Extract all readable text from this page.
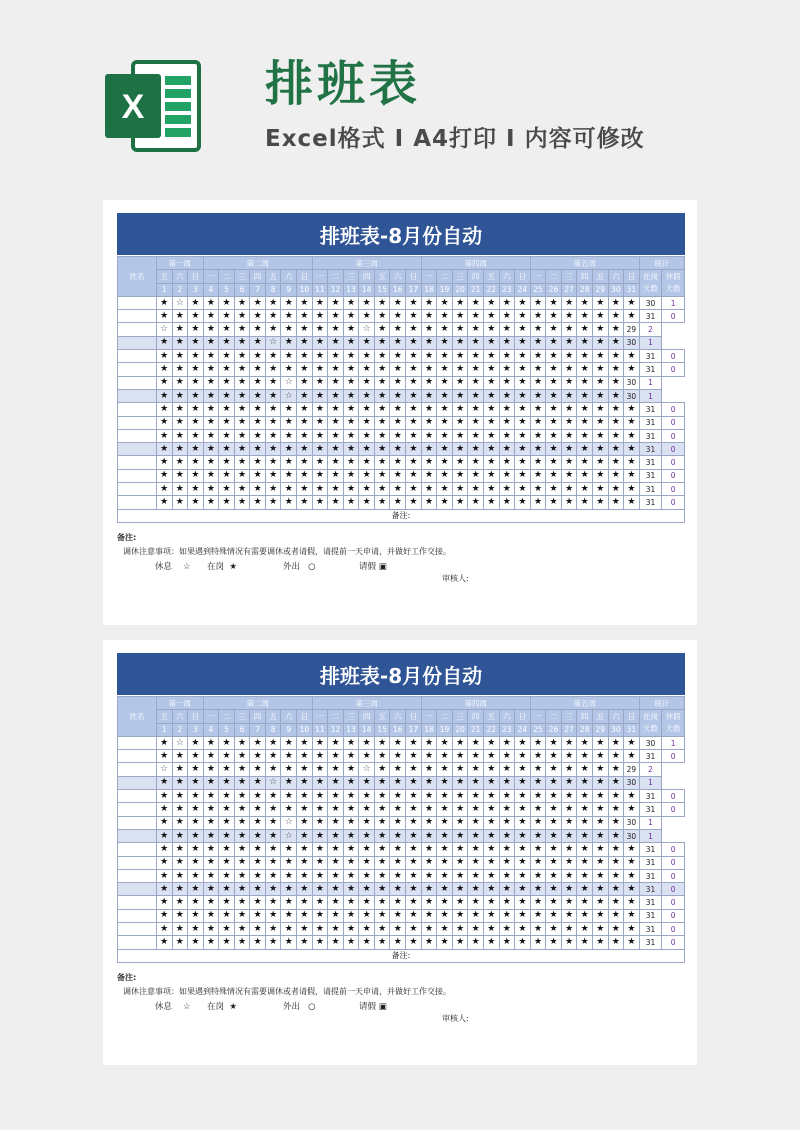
X	排班表
Excel格式 I A4打印 I 内容可修改
排班表-8月份自动
姓名	第一周			第二周							第三周							第四周							第五周							统计	
	五	六	日	一	二	三	四	五	六	日	一	二	三	四	五	六	日	一	二	三	四	五	六	日	一	二	三	四	五	六	日	在岗天数	休假天数
	1	2	3	4	5	6	7	8	9	10	11	12	13	14	15	16	17	18	19	20	21	22	23	24	25	26	27	28	29	30	31		
	★	☆	★	★	★	★	★	★	★	★	★	★	★	★	★	★	★	★	★	★	★	★	★	★	★	★	★	★	★	★	★	30	1
	★	★	★	★	★	★	★	★	★	★	★	★	★	★	★	★	★	★	★	★	★	★	★	★	★	★	★	★	★	★	★	31	0
	☆	★	★	★	★	★	★	★	★	★	★	★	★	☆	★	★	★	★	★	★	★	★	★	★	★	★	★	★	★	★	29	2	
	★	★	★	★	★	★	★	☆	★	★	★	★	★	★	★	★	★	★	★	★	★	★	★	★	★	★	★	★	★	★	30	1	
	★	★	★	★	★	★	★	★	★	★	★	★	★	★	★	★	★	★	★	★	★	★	★	★	★	★	★	★	★	★	★	31	0
	★	★	★	★	★	★	★	★	★	★	★	★	★	★	★	★	★	★	★	★	★	★	★	★	★	★	★	★	★	★	★	31	0
	★	★	★	★	★	★	★	★	☆	★	★	★	★	★	★	★	★	★	★	★	★	★	★	★	★	★	★	★	★	★	30	1	
	★	★	★	★	★	★	★	★	☆	★	★	★	★	★	★	★	★	★	★	★	★	★	★	★	★	★	★	★	★	★	30	1	
	★	★	★	★	★	★	★	★	★	★	★	★	★	★	★	★	★	★	★	★	★	★	★	★	★	★	★	★	★	★	★	31	0
	★	★	★	★	★	★	★	★	★	★	★	★	★	★	★	★	★	★	★	★	★	★	★	★	★	★	★	★	★	★	★	31	0
	★	★	★	★	★	★	★	★	★	★	★	★	★	★	★	★	★	★	★	★	★	★	★	★	★	★	★	★	★	★	★	31	0
	★	★	★	★	★	★	★	★	★	★	★	★	★	★	★	★	★	★	★	★	★	★	★	★	★	★	★	★	★	★	★	31	0
	★	★	★	★	★	★	★	★	★	★	★	★	★	★	★	★	★	★	★	★	★	★	★	★	★	★	★	★	★	★	★	31	0
	★	★	★	★	★	★	★	★	★	★	★	★	★	★	★	★	★	★	★	★	★	★	★	★	★	★	★	★	★	★	★	31	0
	★	★	★	★	★	★	★	★	★	★	★	★	★	★	★	★	★	★	★	★	★	★	★	★	★	★	★	★	★	★	★	31	0
	★	★	★	★	★	★	★	★	★	★	★	★	★	★	★	★	★	★	★	★	★	★	★	★	★	★	★	★	★	★	★	31	0
备注:																																	
备注:
调休注意事项：如果遇到特殊情况有需要调休或者请假，请提前一天申请，并做好工作交接。
休息 ☆ 在岗 ★	外出 ○	请假 ▣
审核人:
排班表-8月份自动
姓名	第一周			第二周							第三周							第四周							第五周							统计	
	五	六	日	一	二	三	四	五	六	日	一	二	三	四	五	六	日	一	二	三	四	五	六	日	一	二	三	四	五	六	日	在岗天数	休假天数
	1	2	3	4	5	6	7	8	9	10	11	12	13	14	15	16	17	18	19	20	21	22	23	24	25	26	27	28	29	30	31		
	★	☆	★	★	★	★	★	★	★	★	★	★	★	★	★	★	★	★	★	★	★	★	★	★	★	★	★	★	★	★	★	30	1
	★	★	★	★	★	★	★	★	★	★	★	★	★	★	★	★	★	★	★	★	★	★	★	★	★	★	★	★	★	★	★	31	0
	☆	★	★	★	★	★	★	★	★	★	★	★	★	☆	★	★	★	★	★	★	★	★	★	★	★	★	★	★	★	★	29	2	
	★	★	★	★	★	★	★	☆	★	★	★	★	★	★	★	★	★	★	★	★	★	★	★	★	★	★	★	★	★	★	30	1	
	★	★	★	★	★	★	★	★	★	★	★	★	★	★	★	★	★	★	★	★	★	★	★	★	★	★	★	★	★	★	★	31	0
	★	★	★	★	★	★	★	★	★	★	★	★	★	★	★	★	★	★	★	★	★	★	★	★	★	★	★	★	★	★	★	31	0
	★	★	★	★	★	★	★	★	☆	★	★	★	★	★	★	★	★	★	★	★	★	★	★	★	★	★	★	★	★	★	30	1	
	★	★	★	★	★	★	★	★	☆	★	★	★	★	★	★	★	★	★	★	★	★	★	★	★	★	★	★	★	★	★	30	1	
	★	★	★	★	★	★	★	★	★	★	★	★	★	★	★	★	★	★	★	★	★	★	★	★	★	★	★	★	★	★	★	31	0
	★	★	★	★	★	★	★	★	★	★	★	★	★	★	★	★	★	★	★	★	★	★	★	★	★	★	★	★	★	★	★	31	0
	★	★	★	★	★	★	★	★	★	★	★	★	★	★	★	★	★	★	★	★	★	★	★	★	★	★	★	★	★	★	★	31	0
	★	★	★	★	★	★	★	★	★	★	★	★	★	★	★	★	★	★	★	★	★	★	★	★	★	★	★	★	★	★	★	31	0
	★	★	★	★	★	★	★	★	★	★	★	★	★	★	★	★	★	★	★	★	★	★	★	★	★	★	★	★	★	★	★	31	0
	★	★	★	★	★	★	★	★	★	★	★	★	★	★	★	★	★	★	★	★	★	★	★	★	★	★	★	★	★	★	★	31	0
	★	★	★	★	★	★	★	★	★	★	★	★	★	★	★	★	★	★	★	★	★	★	★	★	★	★	★	★	★	★	★	31	0
	★	★	★	★	★	★	★	★	★	★	★	★	★	★	★	★	★	★	★	★	★	★	★	★	★	★	★	★	★	★	★	31	0
备注:																																	
备注:
调休注意事项：如果遇到特殊情况有需要调休或者请假，请提前一天申请，并做好工作交接。
休息 ☆ 在岗 ★	外出 ○	请假 ▣
审核人:
